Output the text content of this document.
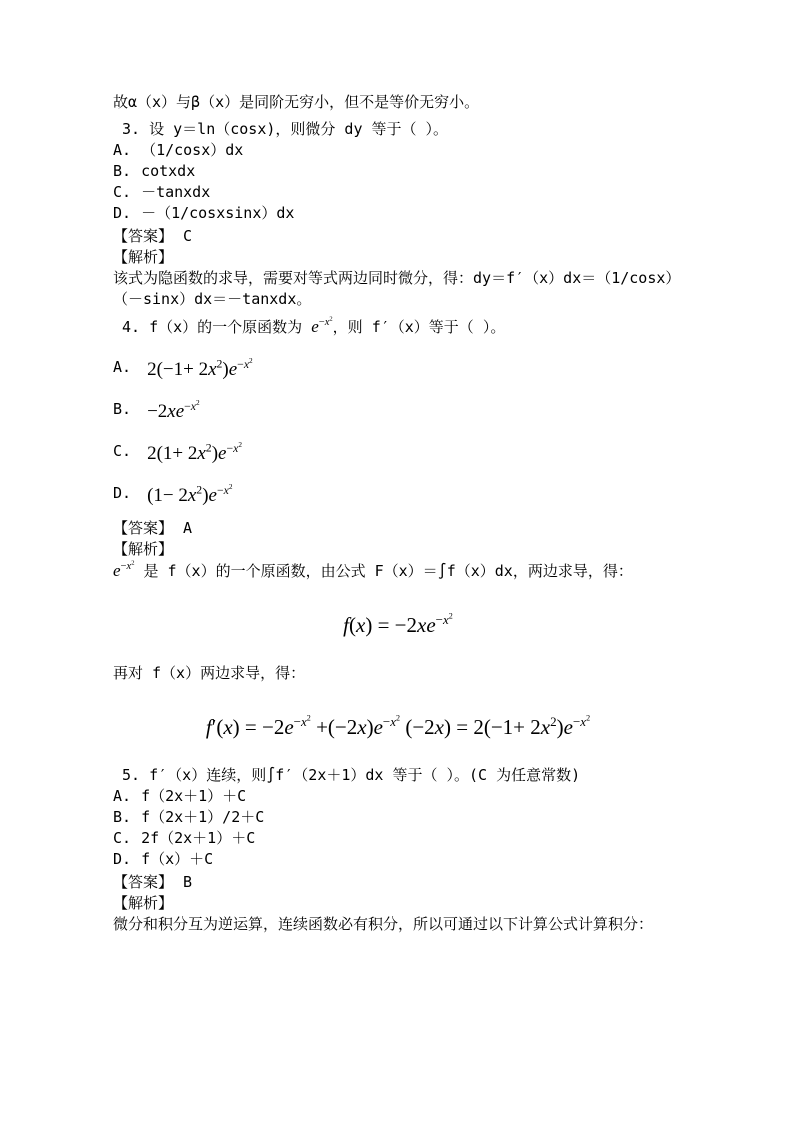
故α（x）与β（x）是同阶无穷小，但不是等价无穷小。
3. 设 y＝ln（cosx)，则微分 dy 等于（ ）。
A. （1/cosx）dx
B. cotxdx
C. －tanxdx
D. －（1/cosxsinx）dx
【答案】 C
【解析】
该式为隐函数的求导，需要对等式两边同时微分，得：dy＝f′（x）dx＝（1/cosx）
（－sinx）dx＝－tanxdx。
4. f（x）的一个原函数为 $e^{-x^2}$，则 f′（x）等于（ ）。
A. $2(-1+ 2x^2)e^{-x^2}$
B. $-2xe^{-x^2}$
C. $2(1+ 2x^2)e^{-x^2}$
D. $(1- 2x^2)e^{-x^2}$
【答案】 A
【解析】
$e^{-x^2}$ 是 f（x）的一个原函数，由公式 F（x）＝∫f（x）dx，两边求导，得：
$f(x) = -2xe^{-x^2}$
再对 f（x）两边求导，得：
$f'(x) = -2e^{-x^2} +(-2x)e^{-x^2}$ $(-2x) = 2(-1+ 2x^2)e^{-x^2}$
5. f′（x）连续，则∫f′（2x＋1）dx 等于（ ）。(C 为任意常数)
A. f（2x＋1）＋C
B. f（2x＋1）/2＋C
C. 2f（2x＋1）＋C
D. f（x）＋C
【答案】 B
【解析】
微分和积分互为逆运算，连续函数必有积分，所以可通过以下计算公式计算积分：
